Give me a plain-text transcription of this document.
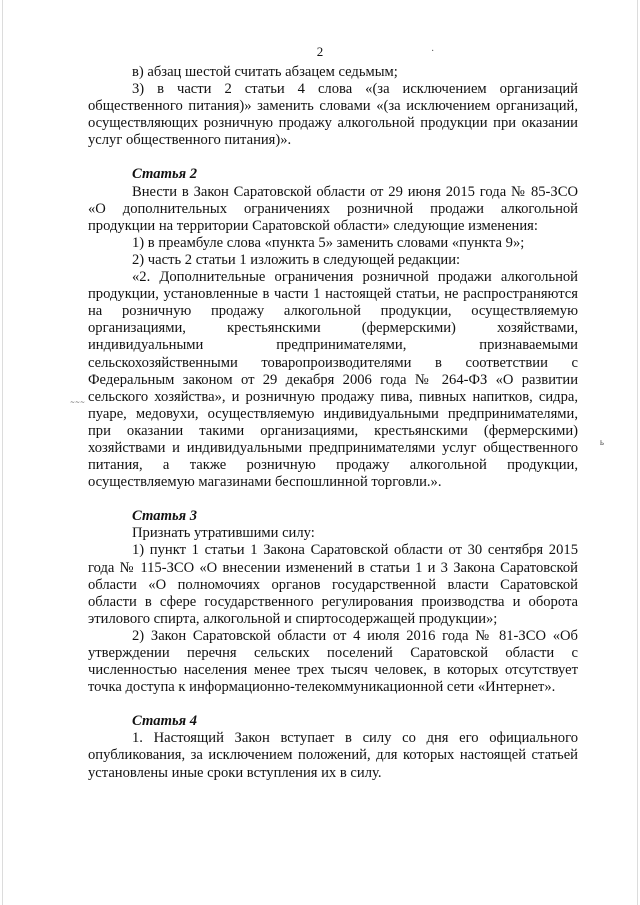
2	·
~~~
ь

в) абзац шестой считать абзацем седьмым;

3) в части 2 статьи 4 слова «(за исключением организаций общественного питания)» заменить словами «(за исключением организаций, осуществляющих розничную продажу алкогольной продукции при оказании услуг общественного питания)».

Статья 2

Внести в Закон Саратовской области от 29 июня 2015 года № 85-ЗСО «О дополнительных ограничениях розничной продажи алкогольной продукции на территории Саратовской области» следующие изменения:

1) в преамбуле слова «пункта 5» заменить словами «пункта 9»;

2) часть 2 статьи 1 изложить в следующей редакции:

«2. Дополнительные ограничения розничной продажи алкогольной продукции, установленные в части 1 настоящей статьи, не распространяются на розничную продажу алкогольной продукции, осуществляемую организациями, крестьянскими (фермерскими) хозяйствами, индивидуальными предпринимателями, признаваемыми сельскохозяйственными товаропроизводителями в соответствии с Федеральным законом от 29 декабря 2006 года № 264-ФЗ «О развитии сельского хозяйства», и розничную продажу пива, пивных напитков, сидра, пуаре, медовухи, осуществляемую индивидуальными предпринимателями, при оказании такими организациями, крестьянскими (фермерскими) хозяйствами и индивидуальными предпринимателями услуг общественного питания, а также розничную продажу алкогольной продукции, осуществляемую магазинами беспошлинной торговли.».

Статья 3

Признать утратившими силу:

1) пункт 1 статьи 1 Закона Саратовской области от 30 сентября 2015 года № 115-ЗСО «О внесении изменений в статьи 1 и 3 Закона Саратовской области «О полномочиях органов государственной власти Саратовской области в сфере государственного регулирования производства и оборота этилового спирта, алкогольной и спиртосодержащей продукции»;

2) Закон Саратовской области от 4 июля 2016 года № 81-ЗСО «Об утверждении перечня сельских поселений Саратовской области с численностью населения менее трех тысяч человек, в которых отсутствует точка доступа к информационно-телекоммуникационной сети «Интернет».

Статья 4

1. Настоящий Закон вступает в силу со дня его официального опубликования, за исключением положений, для которых настоящей статьей установлены иные сроки вступления их в силу.
